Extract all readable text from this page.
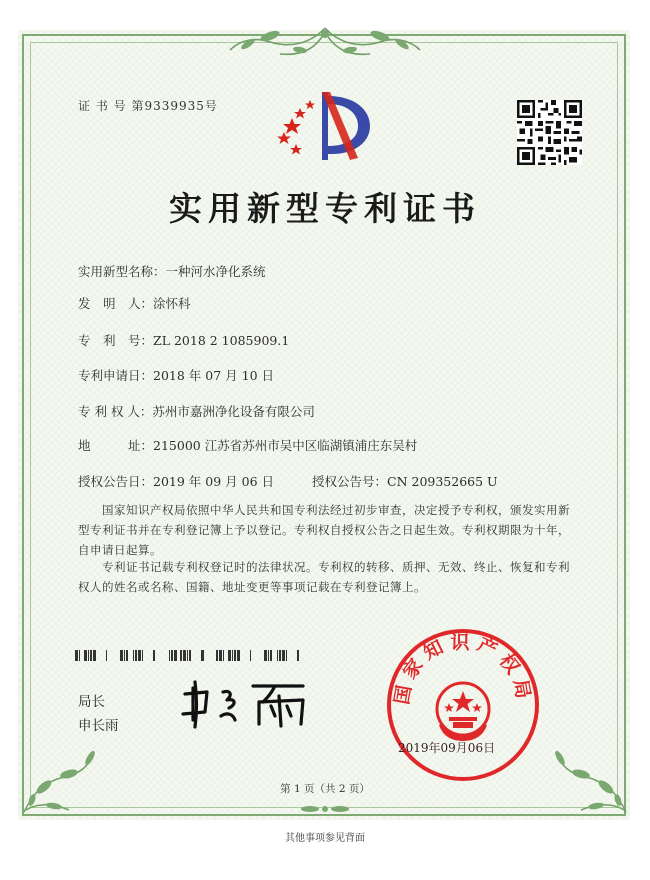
证 书 号 第9339935号
实用新型专利证书
实用新型名称：一种河水净化系统
发　明　人：涂怀科
专　利　号：ZL 2018 2 1085909.1
专利申请日：2018 年 07 月 10 日
专 利 权 人：苏州市嘉洲净化设备有限公司
地　　　址：215000 江苏省苏州市吴中区临湖镇浦庄东吴村
授权公告日：2019 年 09 月 06 日	授权公告号：CN 209352665 U
国家知识产权局依照中华人民共和国专利法经过初步审查，决定授予专利权，颁发实用新型专利证书并在专利登记簿上予以登记。专利权自授权公告之日起生效。专利权期限为十年，自申请日起算。
专利证书记载专利权登记时的法律状况。专利权的转移、质押、无效、终止、恢复和专利权人的姓名或名称、国籍、地址变更等事项记载在专利登记簿上。
局长
申长雨
国家知识产权局
2019年09月06日
第 1 页（共 2 页）
其他事项参见背面
